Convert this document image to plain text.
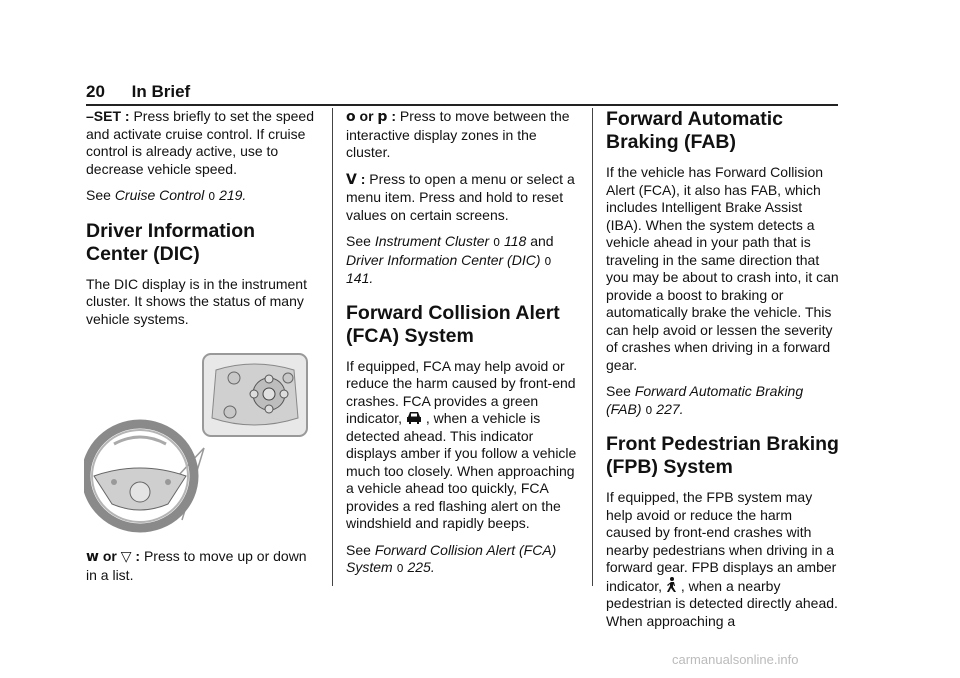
20 In Brief

–SET : Press briefly to set the speed and activate cruise control. If cruise control is already active, use to decrease vehicle speed.

See Cruise Control 0 219.

Driver Information Center (DIC)

The DIC display is in the instrument cluster. It shows the status of many vehicle systems.

w or ▽ : Press to move up or down in a list.

o or p : Press to move between the interactive display zones in the cluster.

V : Press to open a menu or select a menu item. Press and hold to reset values on certain screens.

See Instrument Cluster 0 118 and Driver Information Center (DIC) 0 141.

Forward Collision Alert (FCA) System

If equipped, FCA may help avoid or reduce the harm caused by front-end crashes. FCA provides a green indicator, , when a vehicle is detected ahead. This indicator displays amber if you follow a vehicle much too closely. When approaching a vehicle ahead too quickly, FCA provides a red flashing alert on the windshield and rapidly beeps.

See Forward Collision Alert (FCA) System 0 225.

Forward Automatic Braking (FAB)

If the vehicle has Forward Collision Alert (FCA), it also has FAB, which includes Intelligent Brake Assist (IBA). When the system detects a vehicle ahead in your path that is traveling in the same direction that you may be about to crash into, it can provide a boost to braking or automatically brake the vehicle. This can help avoid or lessen the severity of crashes when driving in a forward gear.

See Forward Automatic Braking (FAB) 0 227.

Front Pedestrian Braking (FPB) System

If equipped, the FPB system may help avoid or reduce the harm caused by front-end crashes with nearby pedestrians when driving in a forward gear. FPB displays an amber indicator, , when a nearby pedestrian is detected directly ahead. When approaching a

carmanualsonline.info
